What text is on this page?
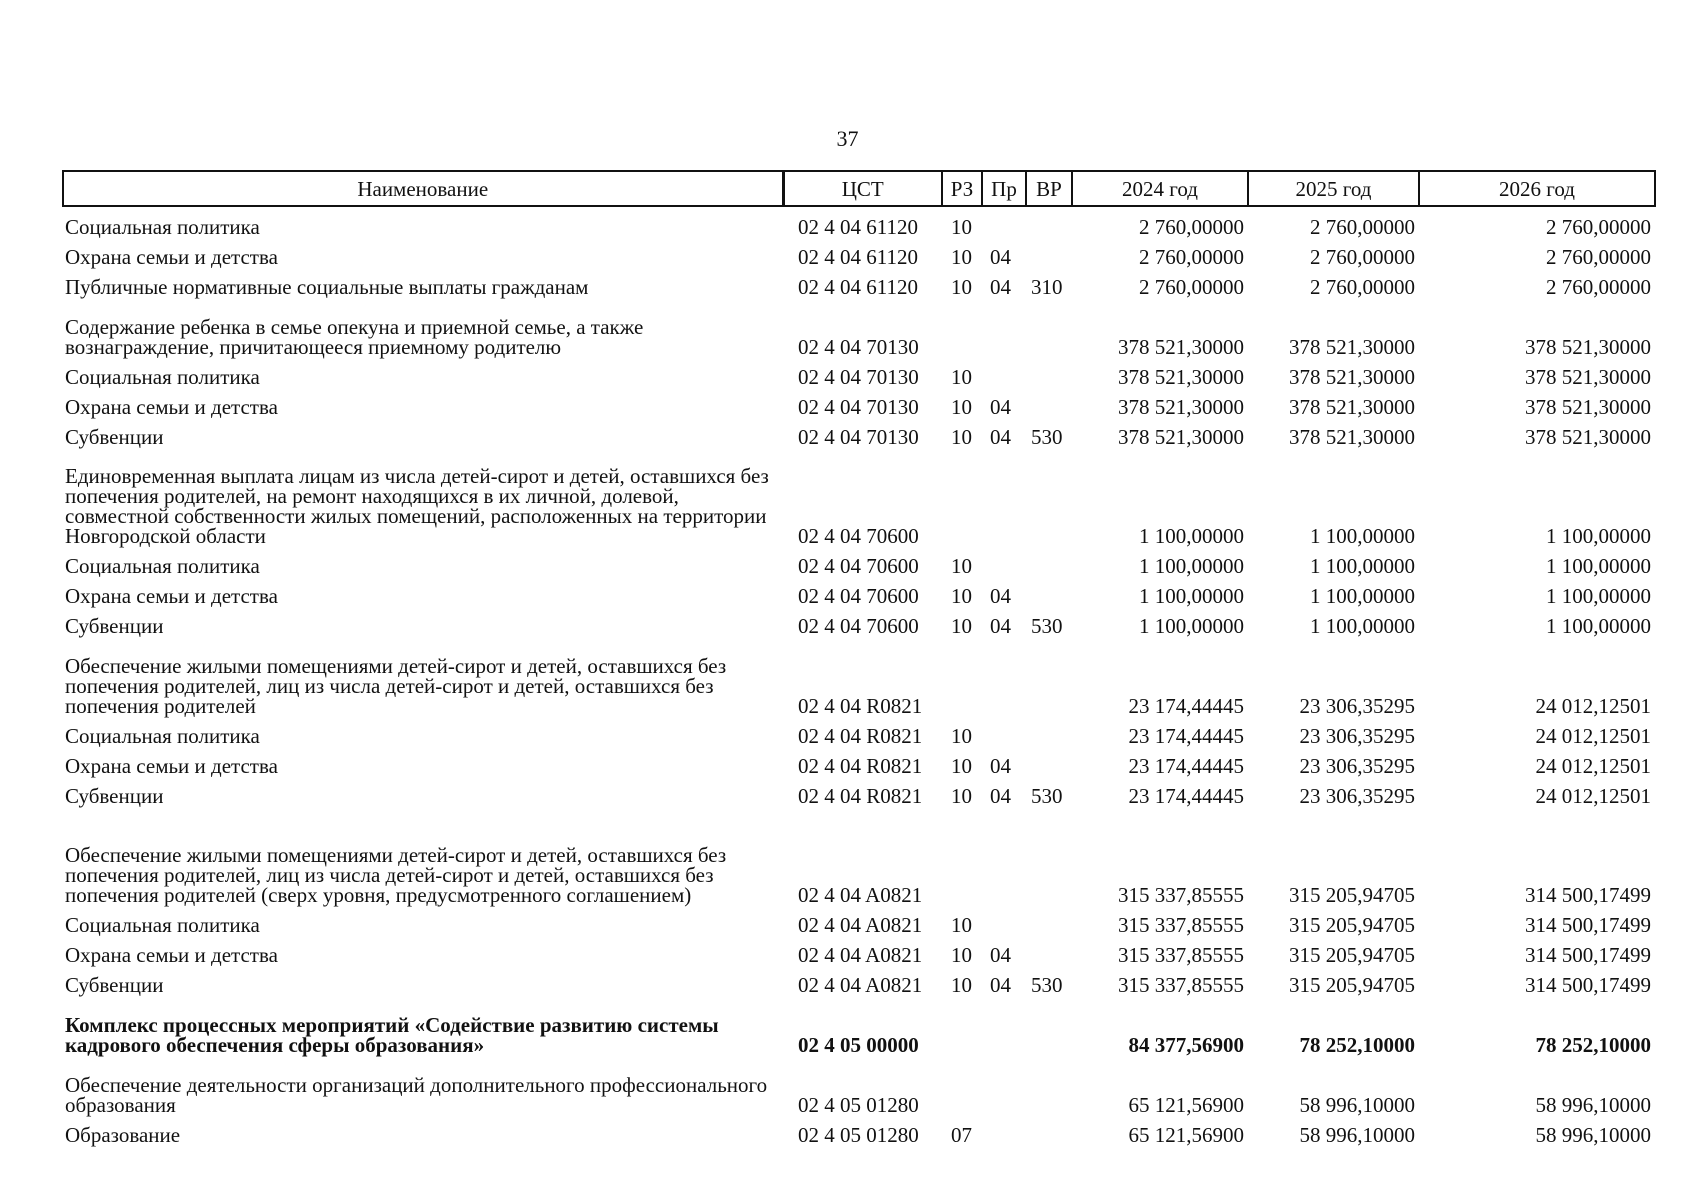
37
Наименование	ЦСТ	РЗ	Пр	ВР	2024 год	2025 год	2026 год
Социальная политика	02 4 04 61120	10			2 760,00000	2 760,00000	2 760,00000
Охрана семьи и детства	02 4 04 61120	10	04		2 760,00000	2 760,00000	2 760,00000
Публичные нормативные социальные выплаты гражданам	02 4 04 61120	10	04	310	2 760,00000	2 760,00000	2 760,00000
Содержание ребенка в семье опекуна и приемной семье, а также вознаграждение, причитающееся приемному родителю	02 4 04 70130				378 521,30000	378 521,30000	378 521,30000
Социальная политика	02 4 04 70130	10			378 521,30000	378 521,30000	378 521,30000
Охрана семьи и детства	02 4 04 70130	10	04		378 521,30000	378 521,30000	378 521,30000
Субвенции	02 4 04 70130	10	04	530	378 521,30000	378 521,30000	378 521,30000
Единовременная выплата лицам из числа детей-сирот и детей, оставшихся без попечения родителей, на ремонт находящихся в их личной, долевой, совместной собственности жилых помещений, расположенных на территории Новгородской области	02 4 04 70600				1 100,00000	1 100,00000	1 100,00000
Социальная политика	02 4 04 70600	10			1 100,00000	1 100,00000	1 100,00000
Охрана семьи и детства	02 4 04 70600	10	04		1 100,00000	1 100,00000	1 100,00000
Субвенции	02 4 04 70600	10	04	530	1 100,00000	1 100,00000	1 100,00000
Обеспечение жилыми помещениями детей-сирот и детей, оставшихся без попечения родителей, лиц из числа детей-сирот и детей, оставшихся без попечения родителей	02 4 04 R0821				23 174,44445	23 306,35295	24 012,12501
Социальная политика	02 4 04 R0821	10			23 174,44445	23 306,35295	24 012,12501
Охрана семьи и детства	02 4 04 R0821	10	04		23 174,44445	23 306,35295	24 012,12501
Субвенции	02 4 04 R0821	10	04	530	23 174,44445	23 306,35295	24 012,12501
Обеспечение жилыми помещениями детей-сирот и детей, оставшихся без попечения родителей, лиц из числа детей-сирот и детей, оставшихся без попечения родителей (сверх уровня, предусмотренного соглашением)	02 4 04 A0821				315 337,85555	315 205,94705	314 500,17499
Социальная политика	02 4 04 A0821	10			315 337,85555	315 205,94705	314 500,17499
Охрана семьи и детства	02 4 04 A0821	10	04		315 337,85555	315 205,94705	314 500,17499
Субвенции	02 4 04 A0821	10	04	530	315 337,85555	315 205,94705	314 500,17499
Комплекс процессных мероприятий «Содействие развитию системы кадрового обеспечения сферы образования»	02 4 05 00000				84 377,56900	78 252,10000	78 252,10000
Обеспечение деятельности организаций дополнительного профессионального образования	02 4 05 01280				65 121,56900	58 996,10000	58 996,10000
Образование	02 4 05 01280	07			65 121,56900	58 996,10000	58 996,10000
